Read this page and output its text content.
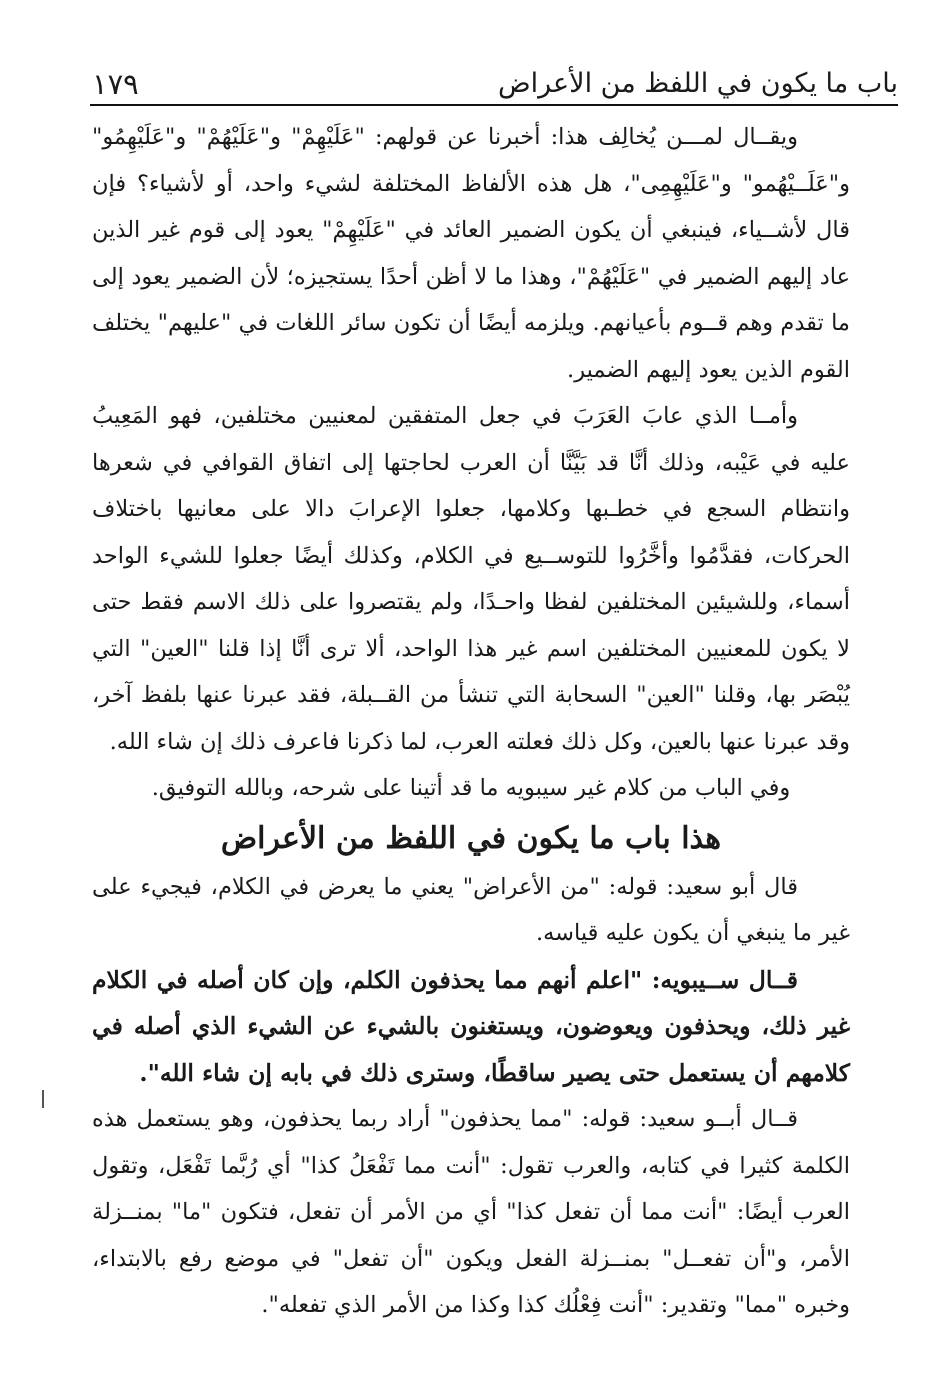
باب ما يكون في اللفظ من الأعراض
١٧٩

ويقــال لمـــن يُخالِف هذا: أخبرنا عن قولهم: "عَلَيْهِمْ" و"عَلَيْهُمْ" و"عَلَيْهِمُو" و"عَلَــيْهُمو" و"عَلَيْهِمِى"، هل هذه الألفاظ المختلفة لشيء واحد، أو لأشياء؟ فإن قال لأشــياء، فينبغي أن يكون الضمير العائد في "عَلَيْهِمْ" يعود إلى قوم غير الذين عاد إليهم الضمير في "عَلَيْهُمْ"، وهذا ما لا أظن أحدًا يستجيزه؛ لأن الضمير يعود إلى ما تقدم وهم قــوم بأعيانهم. ويلزمه أيضًا أن تكون سائر اللغات في "عليهم" يختلف القوم الذين يعود إليهم الضمير.

وأمــا الذي عابَ العَرَبَ في جعل المتفقين لمعنيين مختلفين، فهو المَعِيبُ عليه في عَيْبه، وذلك أنَّا قد بَيَّنَّا أن العرب لحاجتها إلى اتفاق القوافي في شعرها وانتظام السجع في خطـبها وكلامها، جعلوا الإعرابَ دالا على معانيها باختلاف الحركات، فقدَّمُوا وأخَّرُوا للتوســيع في الكلام، وكذلك أيضًا جعلوا للشيء الواحد أسماء، وللشيئين المختلفين لفظا واحـدًا، ولم يقتصروا على ذلك الاسم فقط حتى لا يكون للمعنيين المختلفين اسم غير هذا الواحد، ألا ترى أنَّا إذا قلنا "العين" التي يُبْصَر بها، وقلنا "العين" السحابة التي تنشأ من القــبلة، فقد عبرنا عنها بلفظ آخر، وقد عبرنا عنها بالعين، وكل ذلك فعلته العرب، لما ذكرنا فاعرف ذلك إن شاء الله.

وفي الباب من كلام غير سيبويه ما قد أتينا على شرحه، وبالله التوفيق.

هذا باب ما يكون في اللفظ من الأعراض

قال أبو سعيد: قوله: "من الأعراض" يعني ما يعرض في الكلام، فيجيء على غير ما ينبغي أن يكون عليه قياسه.

قــال ســيبويه: "اعلم أنهم مما يحذفون الكلم، وإن كان أصله في الكلام غير ذلك، ويحذفون ويعوضون، ويستغنون بالشيء عن الشيء الذي أصله في كلامهم أن يستعمل حتى يصير ساقطًا، وسترى ذلك في بابه إن شاء الله".

قــال أبــو سعيد: قوله: "مما يحذفون" أراد ربما يحذفون، وهو يستعمل هذه الكلمة كثيرا في كتابه، والعرب تقول: "أنت مما تَفْعَلُ كذا" أي رُبَّما تَفْعَل، وتقول العرب أيضًا: "أنت مما أن تفعل كذا" أي من الأمر أن تفعل، فتكون "ما" بمنــزلة الأمر، و"أن تفعــل" بمنــزلة الفعل ويكون "أن تفعل" في موضع رفع بالابتداء، وخبره "مما" وتقدير: "أنت فِعْلُك كذا وكذا من الأمر الذي تفعله".
